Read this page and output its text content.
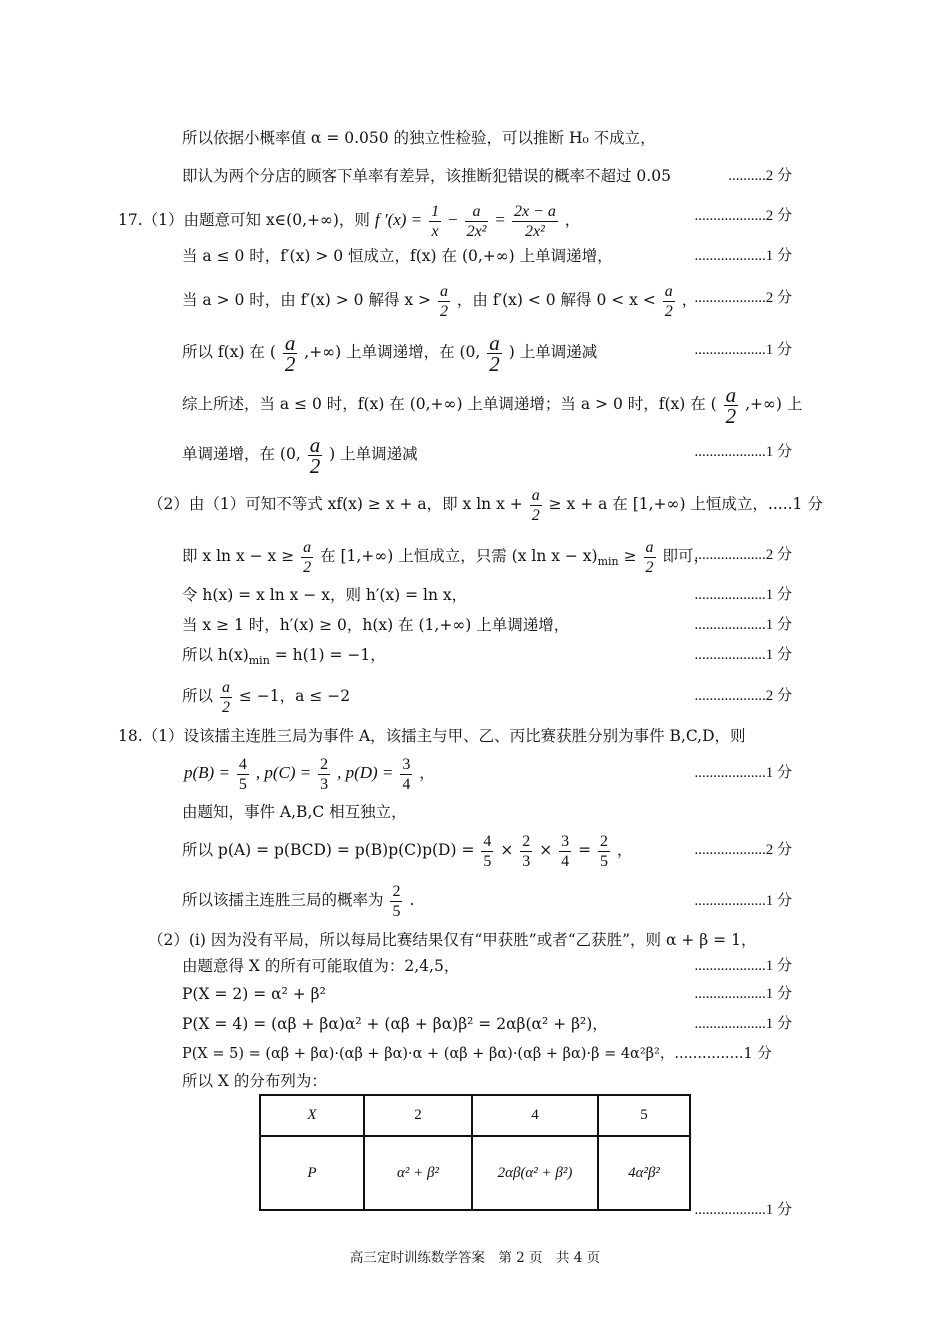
所以依据小概率值 α = 0.050 的独立性检验，可以推断 H₀ 不成立，
即认为两个分店的顾客下单率有差异，该推断犯错误的概率不超过 0.05	..........2 分
17.（1）由题意可知 x∈(0,+∞)，则 f $'(x) = \frac{1}{x} - \frac{a}{\text{2x²}} = \frac{2x - a}{\text{2x²}}$ ，	...................2 分
当 a ≤ 0 时，f′(x) > 0 恒成立，f(x) 在 (0,+∞) 上单调递增，	...................1 分
当 a > 0 时，由 f′(x) > 0 解得 $x > \frac{a}{2}$ ，由 f′(x) < 0 解得 $0 < x < \frac{a}{2}$ ，
...................2 分
所以 f(x) 在 ( $\frac{a}{2}$ ,+∞) 上单调递增，在 (0, $\frac{a}{2}$ ) 上单调递减	...................1 分
综上所述，当 a ≤ 0 时，f(x) 在 (0,+∞) 上单调递增；当 a > 0 时，f(x) 在 ( $\frac{a}{2}$ ,+∞) 上
单调递增，在 (0, $\frac{a}{2}$ ) 上单调递减	...................1 分
（2）由（1）可知不等式 xf(x) ≥ x + a，即 x $\ln x + \frac{a}{2} \ge x + a$ 在 [1,+∞) 上恒成立，.....1 分
即 x $\ln x - x \ge \frac{a}{2}$ 在 [1,+∞) 上恒成立，只需 (x $\ln x - x)_{min} \ge \frac{a}{2}$ 即可，
...................2 分
令 h(x) = x ln x − x，则 h′(x) = ln x，	...................1 分
当 x ≥ 1 时，h′(x) ≥ 0，h(x) 在 (1,+∞) 上单调递增，	...................1 分
所以 $h(x)_{min} = h(1) = -1$，	...................1 分
所以 $\frac{a}{2} \le -1$，a ≤ −2	...................2 分
18.（1）设该擂主连胜三局为事件 A，该擂主与甲、乙、丙比赛获胜分别为事件 B,C,D，则
$p(B) = \frac{4}{5}$ , $p(C) = \frac{2}{3}$ , $p(D) = \frac{3}{4}$ ，	...................1 分
由题知，事件 A,B,C 相互独立，
所以 $p(A) = p(BCD) = p(B)p(C)p(D) = \frac{4}{5} \times \frac{2}{3} \times \frac{3}{4} = \frac{2}{5}$ ，	...................2 分
所以该擂主连胜三局的概率为 $\frac{2}{5}$ .	...................1 分
（2）(i) 因为没有平局，所以每局比赛结果仅有“甲获胜”或者“乙获胜”，则 α + β = 1，
由题意得 X 的所有可能取值为：2,4,5，	...................1 分
P(X = 2) = α² + β²	...................1 分
P(X = 4) = (αβ + βα)α² + (αβ + βα)β² = 2αβ(α² + β²)，	...................1 分
P(X = 5) = (αβ + βα)·(αβ + βα)·α + (αβ + βα)·(αβ + βα)·β = 4α²β²，...............1 分
所以 X 的分布列为：
X	2	4	5
P	α² + β²	2αβ(α² + β²)	4α²β²
...................1 分
高三定时训练数学答案　第 2 页　共 4 页
